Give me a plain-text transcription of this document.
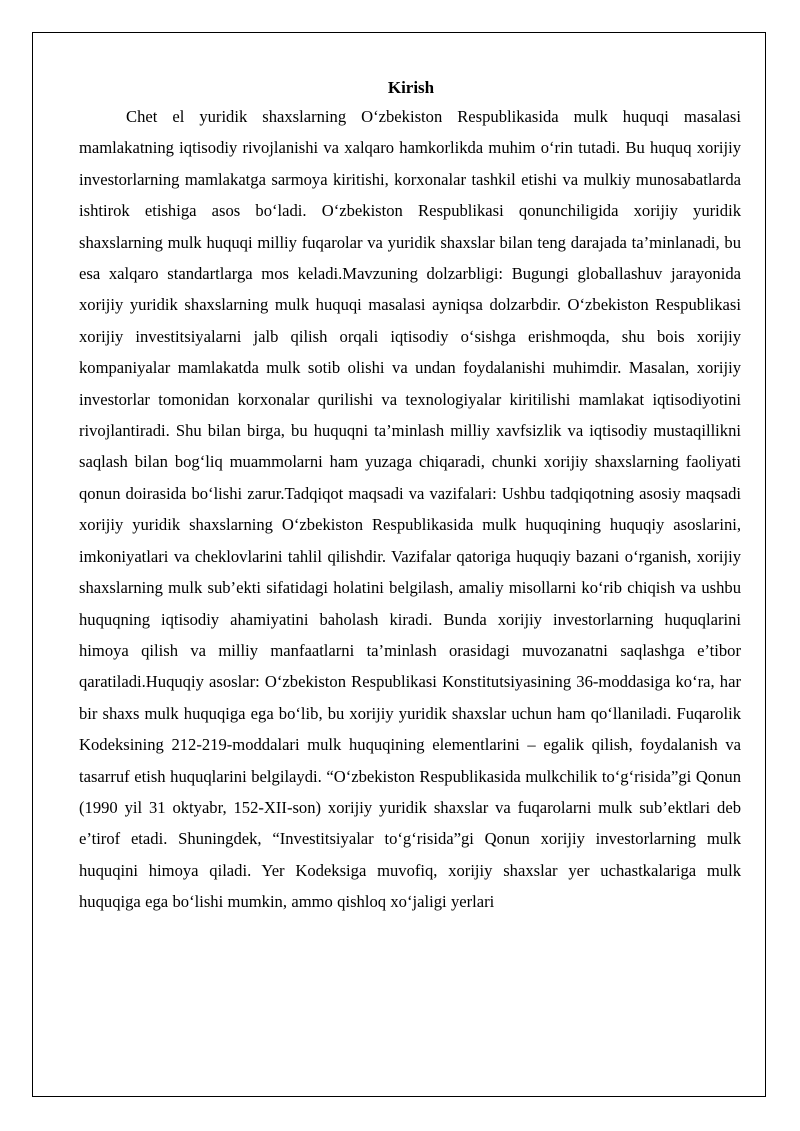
Kirish

Chet el yuridik shaxslarning O‘zbekiston Respublikasida mulk huquqi masalasi mamlakatning iqtisodiy rivojlanishi va xalqaro hamkorlikda muhim o‘rin tutadi. Bu huquq xorijiy investorlarning mamlakatga sarmoya kiritishi, korxonalar tashkil etishi va mulkiy munosabatlarda ishtirok etishiga asos bo‘ladi. O‘zbekiston Respublikasi qonunchiligida xorijiy yuridik shaxslarning mulk huquqi milliy fuqarolar va yuridik shaxslar bilan teng darajada ta’minlanadi, bu esa xalqaro standartlarga mos keladi.Mavzuning dolzarbligi: Bugungi globallashuv jarayonida xorijiy yuridik shaxslarning mulk huquqi masalasi ayniqsa dolzarbdir. O‘zbekiston Respublikasi xorijiy investitsiyalarni jalb qilish orqali iqtisodiy o‘sishga erishmoqda, shu bois xorijiy kompaniyalar mamlakatda mulk sotib olishi va undan foydalanishi muhimdir. Masalan, xorijiy investorlar tomonidan korxonalar qurilishi va texnologiyalar kiritilishi mamlakat iqtisodiyotini rivojlantiradi. Shu bilan birga, bu huquqni ta’minlash milliy xavfsizlik va iqtisodiy mustaqillikni saqlash bilan bog‘liq muammolarni ham yuzaga chiqaradi, chunki xorijiy shaxslarning faoliyati qonun doirasida bo‘lishi zarur.Tadqiqot maqsadi va vazifalari: Ushbu tadqiqotning asosiy maqsadi xorijiy yuridik shaxslarning O‘zbekiston Respublikasida mulk huquqining huquqiy asoslarini, imkoniyatlari va cheklovlarini tahlil qilishdir. Vazifalar qatoriga huquqiy bazani o‘rganish, xorijiy shaxslarning mulk sub’ekti sifatidagi holatini belgilash, amaliy misollarni ko‘rib chiqish va ushbu huquqning iqtisodiy ahamiyatini baholash kiradi. Bunda xorijiy investorlarning huquqlarini himoya qilish va milliy manfaatlarni ta’minlash orasidagi muvozanatni saqlashga e’tibor qaratiladi.Huquqiy asoslar: O‘zbekiston Respublikasi Konstitutsiyasining 36-moddasiga ko‘ra, har bir shaxs mulk huquqiga ega bo‘lib, bu xorijiy yuridik shaxslar uchun ham qo‘llaniladi. Fuqarolik Kodeksining 212-219-moddalari mulk huquqining elementlarini – egalik qilish, foydalanish va tasarruf etish huquqlarini belgilaydi. “O‘zbekiston Respublikasida mulkchilik to‘g‘risida”gi Qonun (1990 yil 31 oktyabr, 152-XII-son) xorijiy yuridik shaxslar va fuqarolarni mulk sub’ektlari deb e’tirof etadi. Shuningdek, “Investitsiyalar to‘g‘risida”gi Qonun xorijiy investorlarning mulk huquqini himoya qiladi. Yer Kodeksiga muvofiq, xorijiy shaxslar yer uchastkalariga mulk huquqiga ega bo‘lishi mumkin, ammo qishloq xo‘jaligi yerlari
